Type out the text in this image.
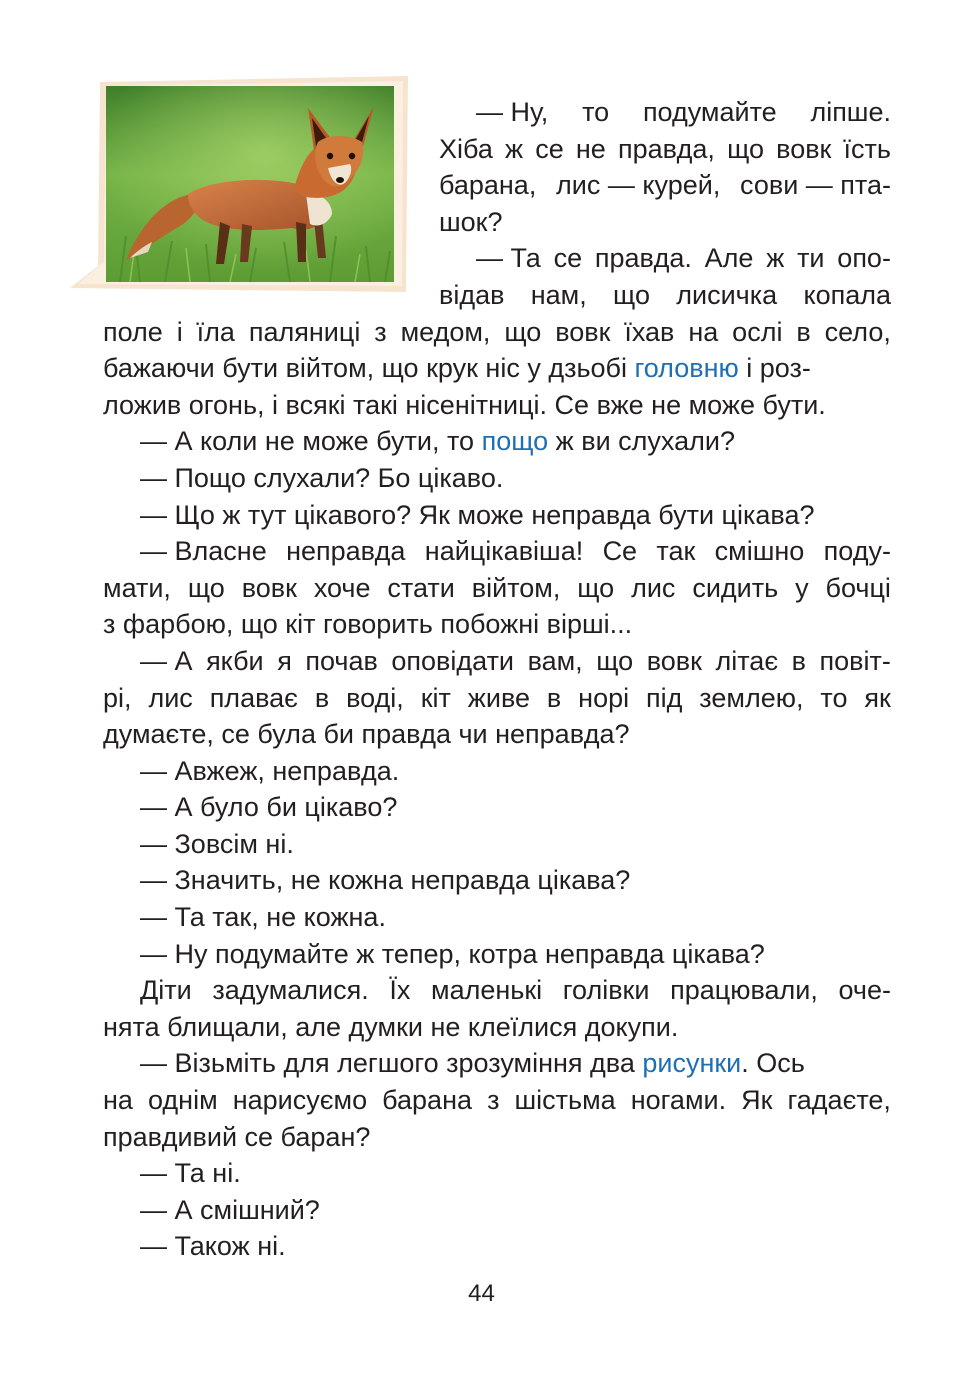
— Ну, то подумайте ліпше.
Хіба ж се не правда, що вовк їсть
барана, лис — курей, сови — пта-
шок?
— Та се правда. Але ж ти опо-
відав нам, що лисичка копала
поле і їла паляниці з медом, що вовк їхав на ослі в село,
бажаючи бути війтом, що крук ніс у дзьобі головню і роз-
ложив огонь, і всякі такі нісенітниці. Се вже не може бути.
— А коли не може бути, то пощо ж ви слухали?
— Пощо слухали? Бо цікаво.
— Що ж тут цікавого? Як може неправда бути цікава?
— Власне неправда найцікавіша! Се так смішно поду-
мати, що вовк хоче стати війтом, що лис сидить у бочці
з фарбою, що кіт говорить побожні вірші...
— А якби я почав оповідати вам, що вовк літає в повіт-
рі, лис плаває в воді, кіт живе в норі під землею, то як
думаєте, се була би правда чи неправда?
— Авжеж, неправда.
— А було би цікаво?
— Зовсім ні.
— Значить, не кожна неправда цікава?
— Та так, не кожна.
— Ну подумайте ж тепер, котра неправда цікава?
Діти задумалися. Їх маленькі голівки працювали, оче-
нята блищали, але думки не клеїлися докупи.
— Візьміть для легшого зрозуміння два рисунки. Ось
на однім нарисуємо барана з шістьма ногами. Як гадаєте,
правдивий се баран?
— Та ні.
— А смішний?
— Також ні.
44
